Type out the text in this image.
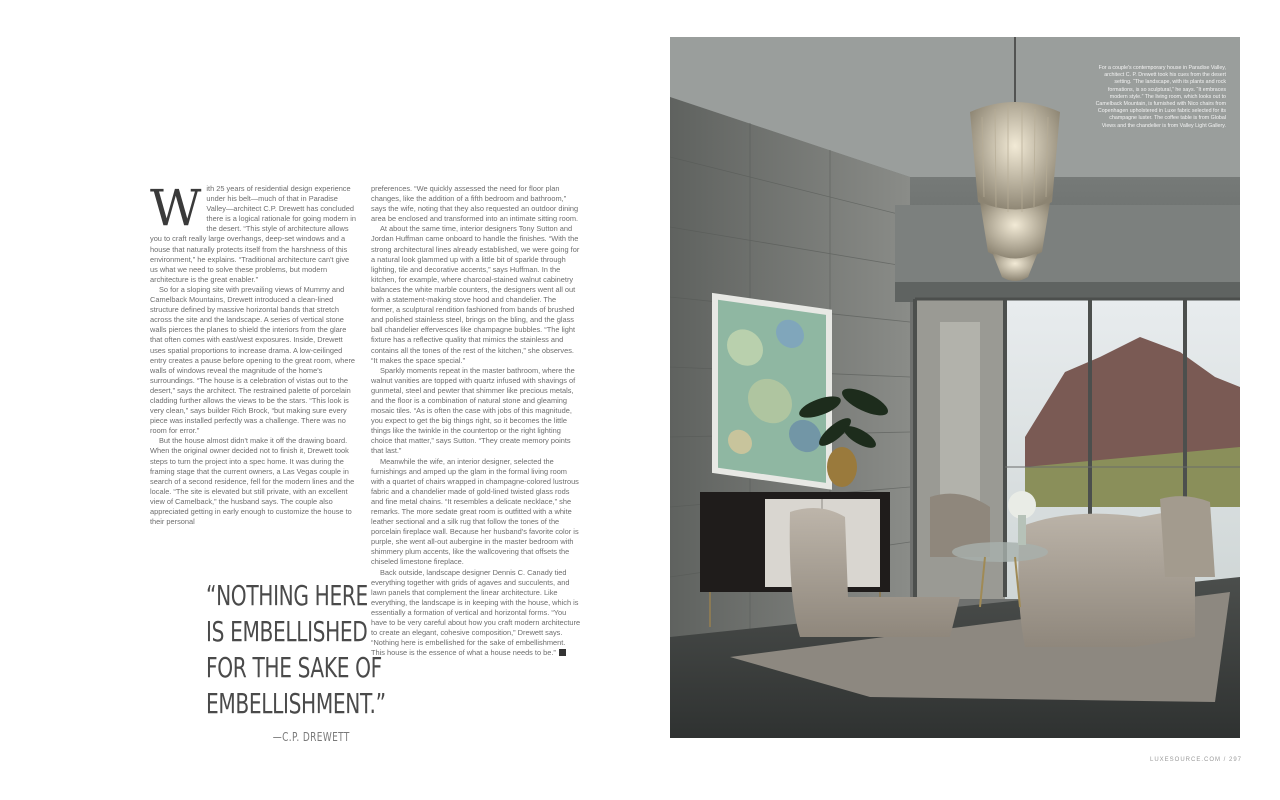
With 25 years of residential design experience under his belt—much of that in Paradise Valley—architect C.P. Drewett has concluded there is a logical rationale for going modern in the desert. “This style of architecture allows you to craft really large overhangs, deep-set windows and a house that naturally protects itself from the harshness of this environment,” he explains. “Traditional architecture can't give us what we need to solve these problems, but modern architecture is the great enabler.”

So for a sloping site with prevailing views of Mummy and Camelback Mountains, Drewett introduced a clean-lined structure defined by massive horizontal bands that stretch across the site and the landscape. A series of vertical stone walls pierces the planes to shield the interiors from the glare that often comes with east/west exposures. Inside, Drewett uses spatial proportions to increase drama. A low-ceilinged entry creates a pause before opening to the great room, where walls of windows reveal the magnitude of the home's surroundings. “The house is a celebration of vistas out to the desert,” says the architect. The restrained palette of porcelain cladding further allows the views to be the stars. “This look is very clean,” says builder Rich Brock, “but making sure every piece was installed perfectly was a challenge. There was no room for error.”

But the house almost didn't make it off the drawing board. When the original owner decided not to finish it, Drewett took steps to turn the project into a spec home. It was during the framing stage that the current owners, a Las Vegas couple in search of a second residence, fell for the modern lines and the locale. “The site is elevated but still private, with an excellent view of Camelback,” the husband says. The couple also appreciated getting in early enough to customize the house to their personal

preferences. “We quickly assessed the need for floor plan changes, like the addition of a fifth bedroom and bathroom,” says the wife, noting that they also requested an outdoor dining area be enclosed and transformed into an intimate sitting room.

At about the same time, interior designers Tony Sutton and Jordan Huffman came onboard to handle the finishes. “With the strong architectural lines already established, we were going for a natural look glammed up with a little bit of sparkle through lighting, tile and decorative accents,” says Huffman. In the kitchen, for example, where charcoal-stained walnut cabinetry balances the white marble counters, the designers went all out with a statement-making stove hood and chandelier. The former, a sculptural rendition fashioned from bands of brushed and polished stainless steel, brings on the bling, and the glass ball chandelier effervesces like champagne bubbles. “The light fixture has a reflective quality that mimics the stainless and contains all the tones of the rest of the kitchen,” she observes. “It makes the space special.”

Sparkly moments repeat in the master bathroom, where the walnut vanities are topped with quartz infused with shavings of gunmetal, steel and pewter that shimmer like precious metals, and the floor is a combination of natural stone and gleaming mosaic tiles. “As is often the case with jobs of this magnitude, you expect to get the big things right, so it becomes the little things like the twinkle in the countertop or the right lighting choice that matter,” says Sutton. “They create memory points that last.”

Meanwhile the wife, an interior designer, selected the furnishings and amped up the glam in the formal living room with a quartet of chairs wrapped in champagne-colored lustrous fabric and a chandelier made of gold-lined twisted glass rods and fine metal chains. “It resembles a delicate necklace,” she remarks. The more sedate great room is outfitted with a white leather sectional and a silk rug that follow the tones of the porcelain fireplace wall. Because her husband's favorite color is purple, she went all-out aubergine in the master bedroom with shimmery plum accents, like the wallcovering that offsets the chiseled limestone fireplace.

Back outside, landscape designer Dennis C. Canady tied everything together with grids of agaves and succulents, and lawn panels that complement the linear architecture. Like everything, the landscape is in keeping with the house, which is essentially a formation of vertical and horizontal forms. “You have to be very careful about how you craft modern architecture to create an elegant, cohesive composition,” Drewett says. “Nothing here is embellished for the sake of embellishment. This house is the essence of what a house needs to be.”

“NOTHING HERE
IS EMBELLISHED
FOR THE SAKE OF
EMBELLISHMENT.”
—C.P. DREWETT
For a couple's contemporary house in Paradise Valley, architect C. P. Drewett took his cues from the desert setting. “The landscape, with its plants and rock formations, is so sculptural,” he says. “It embraces modern style.” The living room, which looks out to Camelback Mountain, is furnished with Nico chairs from Copenhagen upholstered in Luxe fabric selected for its champagne luster. The coffee table is from Global Views and the chandelier is from Valley Light Gallery.
LUXESOURCE.COM / 297
